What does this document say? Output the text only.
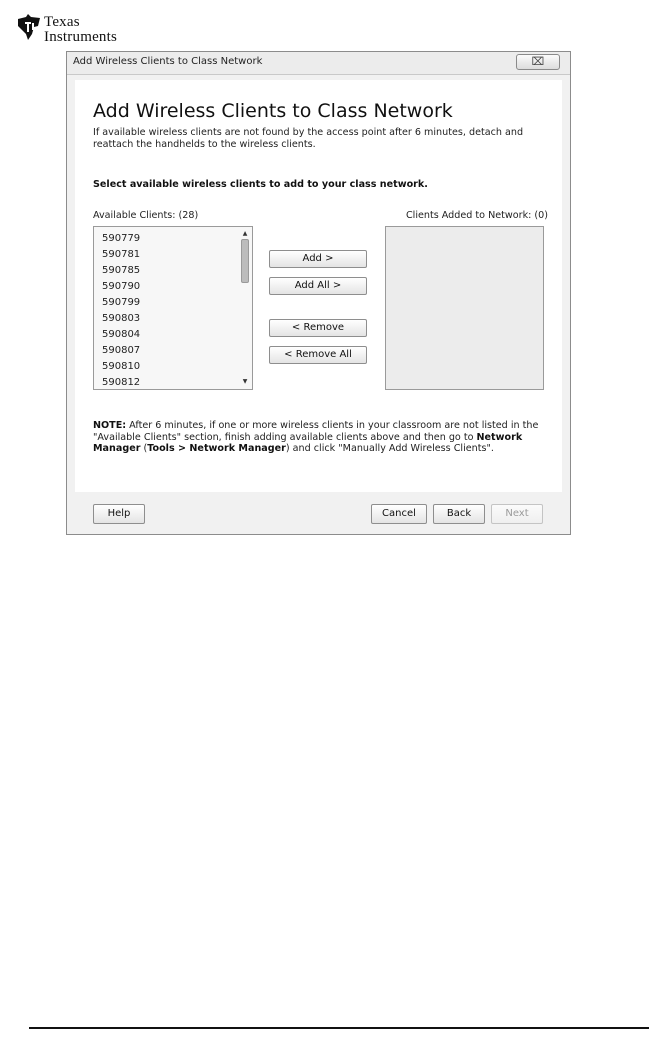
Texas
Instruments
Add Wireless Clients to Class Network	⌧
Add Wireless Clients to Class Network
If available wireless clients are not found by the access point after 6 minutes, detach and reattach the handhelds to the wireless clients.
Select available wireless clients to add to your class network.
Available Clients: (28)	Clients Added to Network: (0)
590779
590781
590785
590790
590799
590803
590804
590807
590810
590812
▲
▼
Add >
Add All >
< Remove
< Remove All
NOTE: After 6 minutes, if one or more wireless clients in your classroom are not listed in the "Available Clients" section, finish adding available clients above and then go to Network Manager (Tools > Network Manager) and click "Manually Add Wireless Clients".
Help	Cancel	Back	Next
